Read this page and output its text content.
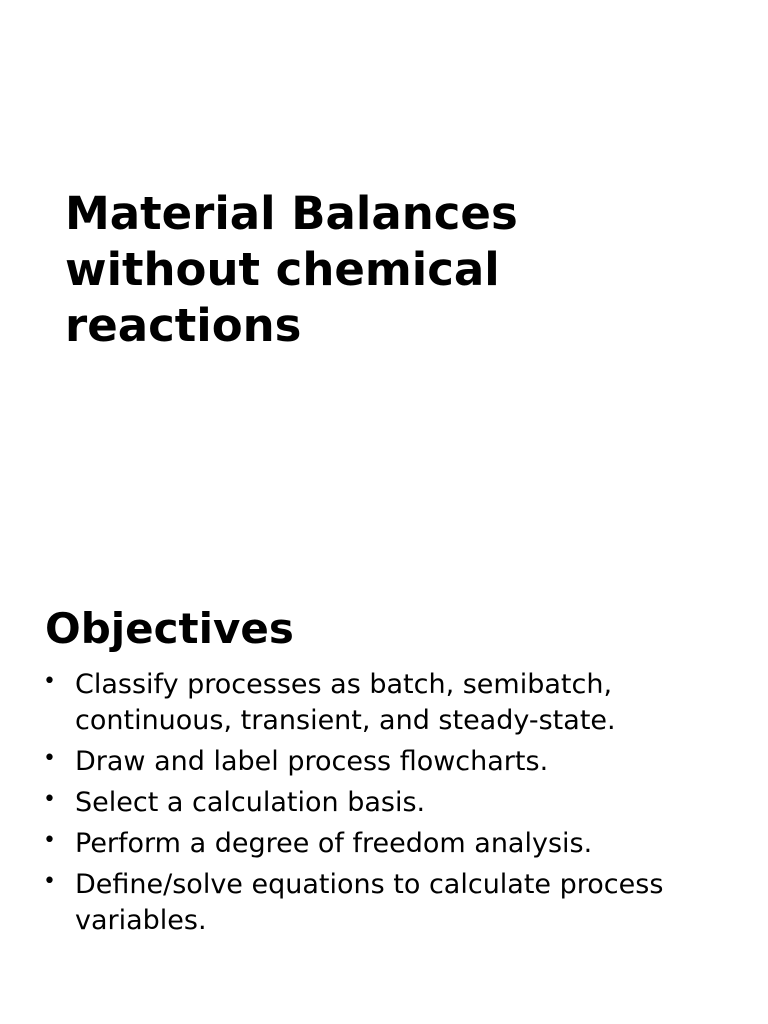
Material Balances without chemical reactions
Objectives
• Classify processes as batch, semibatch, continuous, transient, and steady-state.
• Draw and label process flowcharts.
• Select a calculation basis.
• Perform a degree of freedom analysis.
• Define/solve equations to calculate process variables.
